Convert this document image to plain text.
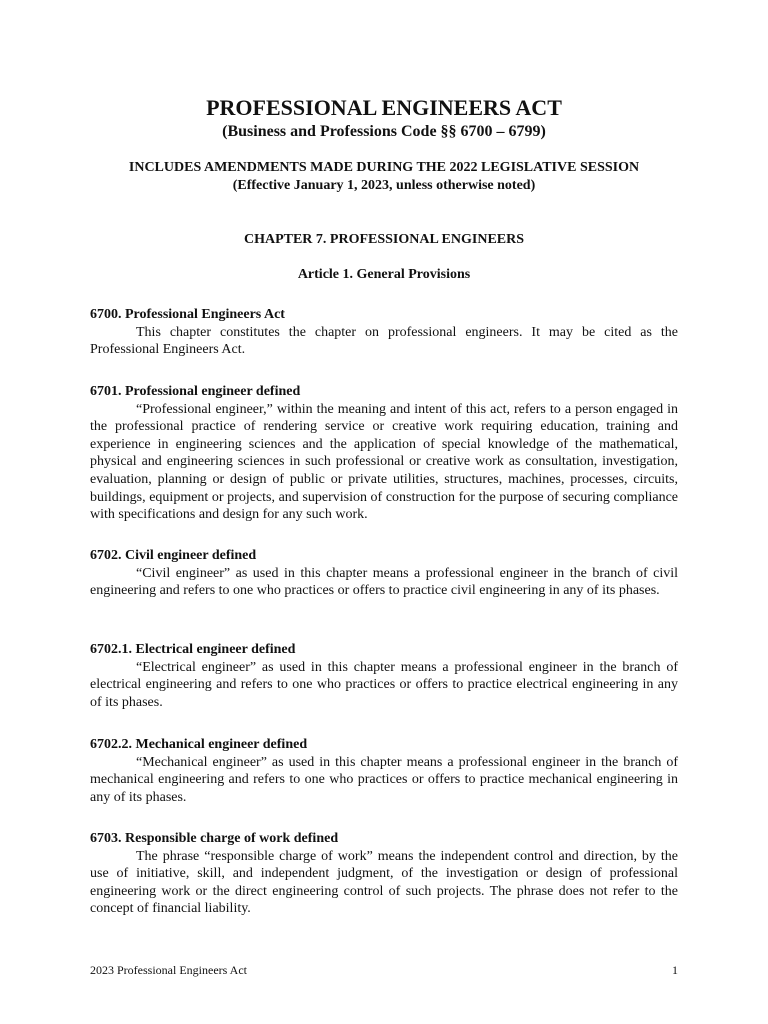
PROFESSIONAL ENGINEERS ACT
(Business and Professions Code §§ 6700 – 6799)
INCLUDES AMENDMENTS MADE DURING THE 2022 LEGISLATIVE SESSION
(Effective January 1, 2023, unless otherwise noted)
CHAPTER 7. PROFESSIONAL ENGINEERS
Article 1. General Provisions

6700. Professional Engineers Act

This chapter constitutes the chapter on professional engineers. It may be cited as the Professional Engineers Act.

6701. Professional engineer defined

“Professional engineer,” within the meaning and intent of this act, refers to a person engaged in the professional practice of rendering service or creative work requiring education, training and experience in engineering sciences and the application of special knowledge of the mathematical, physical and engineering sciences in such professional or creative work as consultation, investigation, evaluation, planning or design of public or private utilities, structures, machines, processes, circuits, buildings, equipment or projects, and supervision of construction for the purpose of securing compliance with specifications and design for any such work.

6702. Civil engineer defined

“Civil engineer” as used in this chapter means a professional engineer in the branch of civil engineering and refers to one who practices or offers to practice civil engineering in any of its phases.

6702.1. Electrical engineer defined

“Electrical engineer” as used in this chapter means a professional engineer in the branch of electrical engineering and refers to one who practices or offers to practice electrical engineering in any of its phases.

6702.2. Mechanical engineer defined

“Mechanical engineer” as used in this chapter means a professional engineer in the branch of mechanical engineering and refers to one who practices or offers to practice mechanical engineering in any of its phases.

6703. Responsible charge of work defined

The phrase “responsible charge of work” means the independent control and direction, by the use of initiative, skill, and independent judgment, of the investigation or design of professional engineering work or the direct engineering control of such projects. The phrase does not refer to the concept of financial liability.

2023 Professional Engineers Act	1
